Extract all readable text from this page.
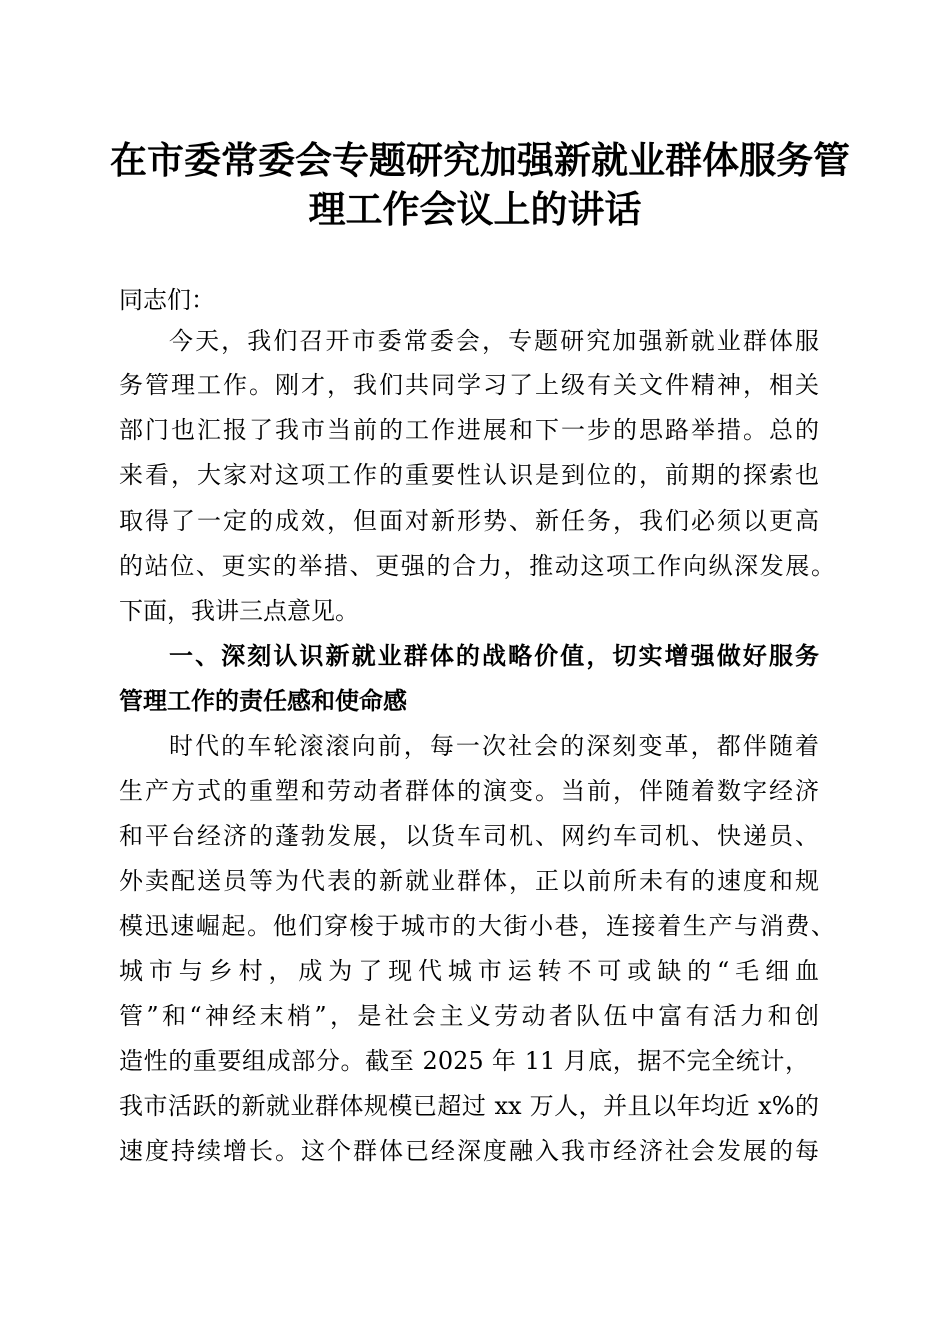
在市委常委会专题研究加强新就业群体服务管
理工作会议上的讲话
同志们：
今天，我们召开市委常委会，专题研究加强新就业群体服
务管理工作。刚才，我们共同学习了上级有关文件精神，相关
部门也汇报了我市当前的工作进展和下一步的思路举措。总的
来看，大家对这项工作的重要性认识是到位的，前期的探索也
取得了一定的成效，但面对新形势、新任务，我们必须以更高
的站位、更实的举措、更强的合力，推动这项工作向纵深发展。
下面，我讲三点意见。
一、深刻认识新就业群体的战略价值，切实增强做好服务
管理工作的责任感和使命感
时代的车轮滚滚向前，每一次社会的深刻变革，都伴随着
生产方式的重塑和劳动者群体的演变。当前，伴随着数字经济
和平台经济的蓬勃发展，以货车司机、网约车司机、快递员、
外卖配送员等为代表的新就业群体，正以前所未有的速度和规
模迅速崛起。他们穿梭于城市的大街小巷，连接着生产与消费、
城市与乡村，成为了现代城市运转不可或缺的“毛细血
管”和“神经末梢”，是社会主义劳动者队伍中富有活力和创
造性的重要组成部分。截至 2025 年 11 月底，据不完全统计，
我市活跃的新就业群体规模已超过 xx 万人，并且以年均近 x%的
速度持续增长。这个群体已经深度融入我市经济社会发展的每
